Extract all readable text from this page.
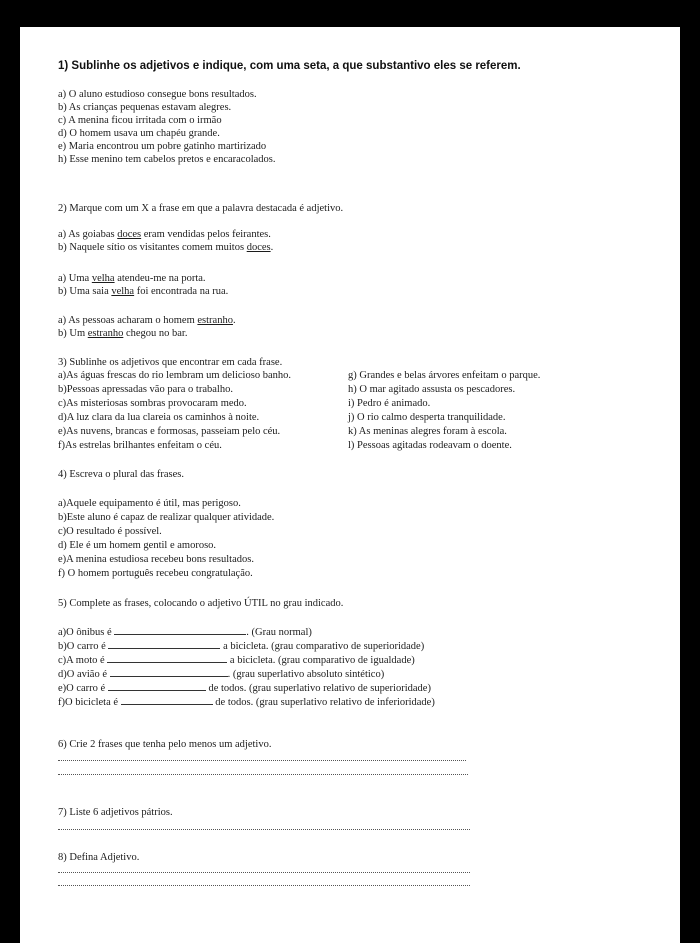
1) Sublinhe os adjetivos e indique, com uma seta, a que substantivo eles se referem.
a) O aluno estudioso consegue bons resultados.
b) As crianças pequenas estavam alegres.
c) A menina ficou irritada com o irmão
d) O homem usava um chapéu grande.
e) Maria encontrou um pobre gatinho martirizado
h) Esse menino tem cabelos pretos e encaracolados.
2) Marque com um X a frase em que a palavra destacada é adjetivo.
a) As goiabas doces eram vendidas pelos feirantes.
b) Naquele sítio os visitantes comem muitos doces.
a) Uma velha atendeu-me na porta.
b) Uma saia velha foi encontrada na rua.
a) As pessoas acharam o homem estranho.
b) Um estranho chegou no bar.
3) Sublinhe os adjetivos que encontrar em cada frase.
a)As águas frescas do rio lembram um delicioso banho.
b)Pessoas apressadas vão para o trabalho.
c)As misteriosas sombras provocaram medo.
d)A luz clara da lua clareia os caminhos à noite.
e)As nuvens, brancas e formosas, passeiam pelo céu.
f)As estrelas brilhantes enfeitam o céu.
g) Grandes e belas árvores enfeitam o parque.
h) O mar agitado assusta os pescadores.
i) Pedro é animado.
j) O rio calmo desperta tranquilidade.
k) As meninas alegres foram à escola.
l) Pessoas agitadas rodeavam o doente.
4) Escreva o plural das frases.
a)Aquele equipamento é útil, mas perigoso.
b)Este aluno é capaz de realizar qualquer atividade.
c)O resultado é possível.
d) Ele é um homem gentil e amoroso.
e)A menina estudiosa recebeu bons resultados.
f) O homem português recebeu congratulação.
5) Complete as frases, colocando o adjetivo ÚTIL no grau indicado.
a)O ônibus é	. (Grau normal)
b)O carro é	a bicicleta. (grau comparativo de superioridade)
c)A moto é	a bicicleta. (grau comparativo de igualdade)
d)O avião é	. (grau superlativo absoluto sintético)
e)O carro é	de todos. (grau superlativo relativo de superioridade)
f)O bicicleta é	de todos. (grau superlativo relativo de inferioridade)
6) Crie 2 frases que tenha pelo menos um adjetivo.
7) Liste 6 adjetivos pátrios.
8) Defina Adjetivo.
